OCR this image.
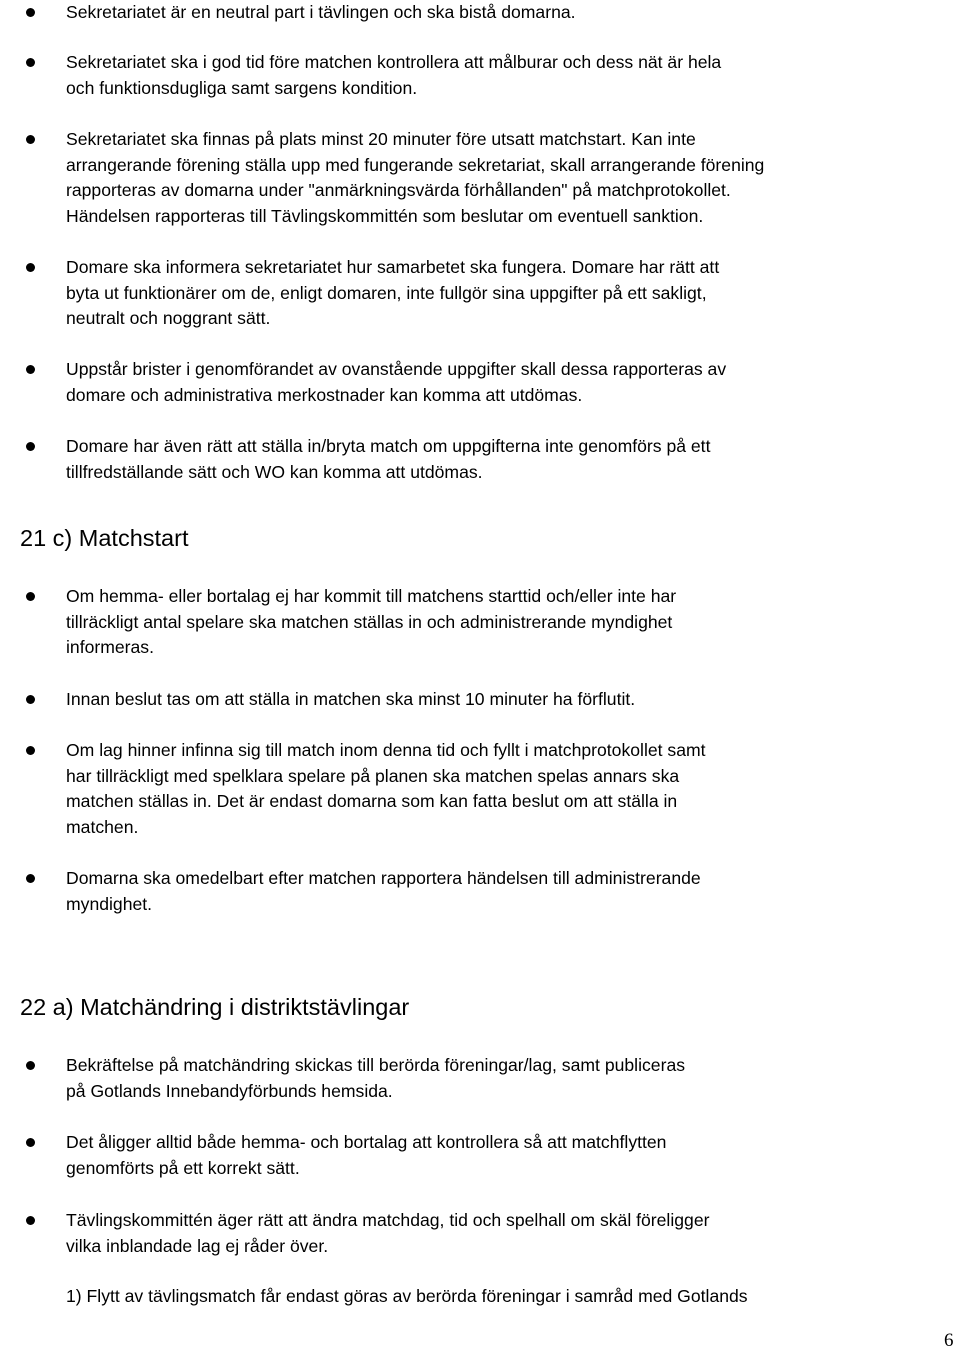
Sekretariatet är en neutral part i tävlingen och ska bistå domarna.
Sekretariatet ska i god tid före matchen kontrollera att målburar och dess nät är hela
och funktionsdugliga samt sargens kondition.
Sekretariatet ska finnas på plats minst 20 minuter före utsatt matchstart. Kan inte
arrangerande förening ställa upp med fungerande sekretariat, skall arrangerande förening
rapporteras av domarna under "anmärkningsvärda förhållanden" på matchprotokollet.
Händelsen rapporteras till Tävlingskommittén som beslutar om eventuell sanktion.
Domare ska informera sekretariatet hur samarbetet ska fungera. Domare har rätt att
byta ut funktionärer om de, enligt domaren, inte fullgör sina uppgifter på ett sakligt,
neutralt och noggrant sätt.
Uppstår brister i genomförandet av ovanstående uppgifter skall dessa rapporteras av
domare och administrativa merkostnader kan komma att utdömas.
Domare har även rätt att ställa in/bryta match om uppgifterna inte genomförs på ett
tillfredställande sätt och WO kan komma att utdömas.
21 c) Matchstart
Om hemma- eller bortalag ej har kommit till matchens starttid och/eller inte har
tillräckligt antal spelare ska matchen ställas in och administrerande myndighet
informeras.
Innan beslut tas om att ställa in matchen ska minst 10 minuter ha förflutit.
Om lag hinner infinna sig till match inom denna tid och fyllt i matchprotokollet samt
har tillräckligt med spelklara spelare på planen ska matchen spelas annars ska
matchen ställas in. Det är endast domarna som kan fatta beslut om att ställa in
matchen.
Domarna ska omedelbart efter matchen rapportera händelsen till administrerande
myndighet.
22 a) Matchändring i distriktstävlingar
Bekräftelse på matchändring skickas till berörda föreningar/lag, samt publiceras
på Gotlands Innebandyförbunds hemsida.
Det åligger alltid både hemma- och bortalag att kontrollera så att matchflytten
genomförts på ett korrekt sätt.
Tävlingskommittén äger rätt att ändra matchdag, tid och spelhall om skäl föreligger
vilka inblandade lag ej råder över.
1) Flytt av tävlingsmatch får endast göras av berörda föreningar i samråd med Gotlands
6
